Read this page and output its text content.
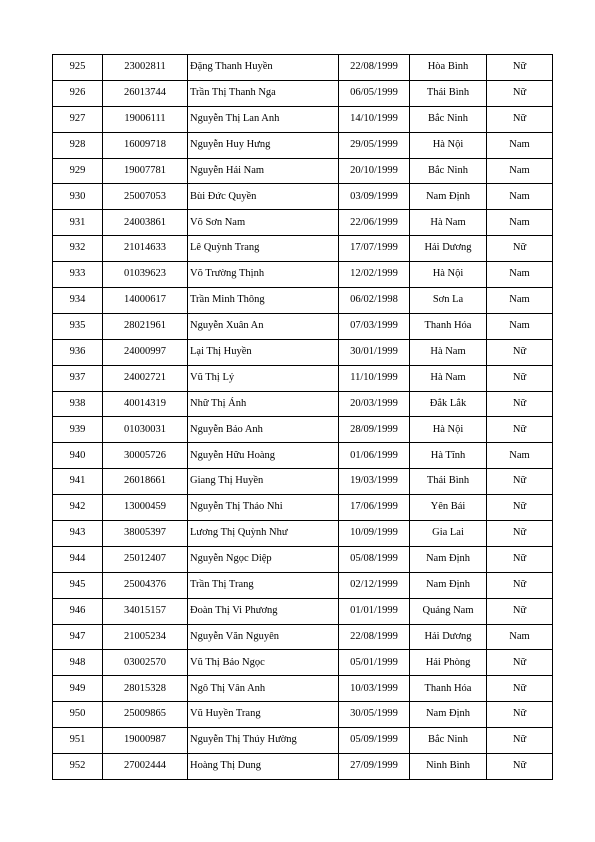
925	23002811	Đặng Thanh Huyền	22/08/1999	Hòa Bình	Nữ
926	26013744	Trần Thị Thanh Nga	06/05/1999	Thái Bình	Nữ
927	19006111	Nguyễn Thị Lan Anh	14/10/1999	Bắc Ninh	Nữ
928	16009718	Nguyễn Huy Hưng	29/05/1999	Hà Nội	Nam
929	19007781	Nguyễn Hải Nam	20/10/1999	Bắc Ninh	Nam
930	25007053	Bùi Đức Quyền	03/09/1999	Nam Định	Nam
931	24003861	Võ Sơn Nam	22/06/1999	Hà Nam	Nam
932	21014633	Lê Quỳnh Trang	17/07/1999	Hải Dương	Nữ
933	01039623	Võ Trường Thịnh	12/02/1999	Hà Nội	Nam
934	14000617	Trần Minh Thông	06/02/1998	Sơn La	Nam
935	28021961	Nguyễn Xuân An	07/03/1999	Thanh Hóa	Nam
936	24000997	Lại Thị Huyền	30/01/1999	Hà Nam	Nữ
937	24002721	Vũ Thị Lý	11/10/1999	Hà Nam	Nữ
938	40014319	Nhữ Thị Ánh	20/03/1999	Đắk Lắk	Nữ
939	01030031	Nguyễn Bảo Anh	28/09/1999	Hà Nội	Nữ
940	30005726	Nguyễn Hữu Hoàng	01/06/1999	Hà Tĩnh	Nam
941	26018661	Giang Thị Huyền	19/03/1999	Thái Bình	Nữ
942	13000459	Nguyễn Thị Thảo Nhi	17/06/1999	Yên Bái	Nữ
943	38005397	Lương Thị Quỳnh Như	10/09/1999	Gia Lai	Nữ
944	25012407	Nguyễn Ngọc Diệp	05/08/1999	Nam Định	Nữ
945	25004376	Trần Thị Trang	02/12/1999	Nam Định	Nữ
946	34015157	Đoàn Thị Vi Phương	01/01/1999	Quảng Nam	Nữ
947	21005234	Nguyễn Văn Nguyên	22/08/1999	Hải Dương	Nam
948	03002570	Vũ Thị Bảo Ngọc	05/01/1999	Hải Phòng	Nữ
949	28015328	Ngô Thị Vân Anh	10/03/1999	Thanh Hóa	Nữ
950	25009865	Vũ Huyền Trang	30/05/1999	Nam Định	Nữ
951	19000987	Nguyễn Thị Thúy Hường	05/09/1999	Bắc Ninh	Nữ
952	27002444	Hoàng Thị Dung	27/09/1999	Ninh Bình	Nữ
